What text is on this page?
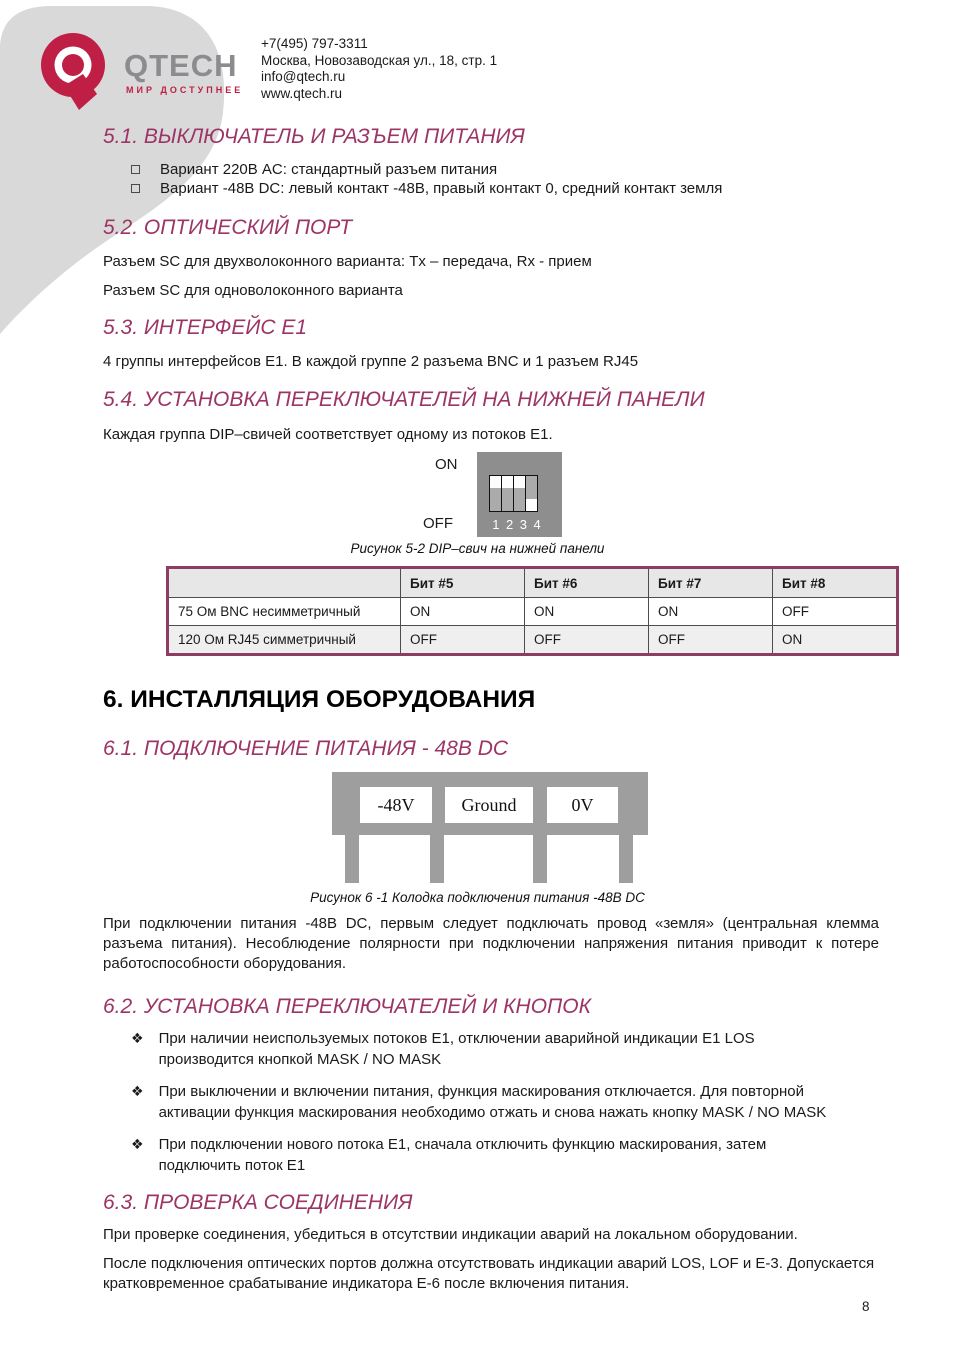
QTECH
МИР ДОСТУПНЕЕ
+7(495) 797-3311
Москва, Новозаводская ул., 18, стр. 1
info@qtech.ru
www.qtech.ru
5.1. ВЫКЛЮЧАТЕЛЬ И РАЗЪЕМ ПИТАНИЯ
Вариант 220В AC: стандартный разъем питания
Вариант -48В DC: левый контакт -48В, правый контакт 0, средний контакт земля
5.2. ОПТИЧЕСКИЙ ПОРТ

Разъем SC для двухволоконного варианта: Tx – передача, Rx - прием

Разъем SC для одноволоконного варианта

5.3. ИНТЕРФЕЙС E1

4 группы интерфейсов E1. В каждой группе 2 разъема BNC и 1 разъем RJ45

5.4. УСТАНОВКА ПЕРЕКЛЮЧАТЕЛЕЙ НА НИЖНЕЙ ПАНЕЛИ

Каждая группа DIP–свичей соответствует одному из потоков E1.

ON
OFF	1 2 3 4
Рисунок 5-2 DIP–свич на нижней панели
	Бит #5	Бит #6	Бит #7	Бит #8
75 Ом BNC несимметричный	ON	ON	ON	OFF
120 Ом RJ45 симметричный	OFF	OFF	OFF	ON
6. ИНСТАЛЛЯЦИЯ ОБОРУДОВАНИЯ
6.1. ПОДКЛЮЧЕНИЕ ПИТАНИЯ - 48В DC
-48V	Ground	0V
Рисунок 6 -1 Колодка подключения питания -48В DC

При подключении питания -48В DC, первым следует подключать провод «земля» (центральная клемма разъема питания). Несоблюдение полярности при подключении напряжения питания приводит к потере работоспособности оборудования.

6.2. УСТАНОВКА ПЕРЕКЛЮЧАТЕЛЕЙ И КНОПОК
❖ При наличии неиспользуемых потоков E1, отключении аварийной индикации E1 LOS производится кнопкой MASK / NO MASK
❖ При выключении и включении питания, функция маскирования отключается. Для повторной активации функция маскирования необходимо отжать и снова нажать кнопку MASK / NO MASK
❖ При подключении нового потока E1, сначала отключить функцию маскирования, затем подключить поток E1
6.3. ПРОВЕРКА СОЕДИНЕНИЯ

При проверке соединения, убедиться в отсутствии индикации аварий на локальном оборудовании.

После подключения оптических портов должна отсутствовать индикации аварий LOS, LOF и E-3. Допускается кратковременное срабатывание индикатора E-6 после включения питания.

8
